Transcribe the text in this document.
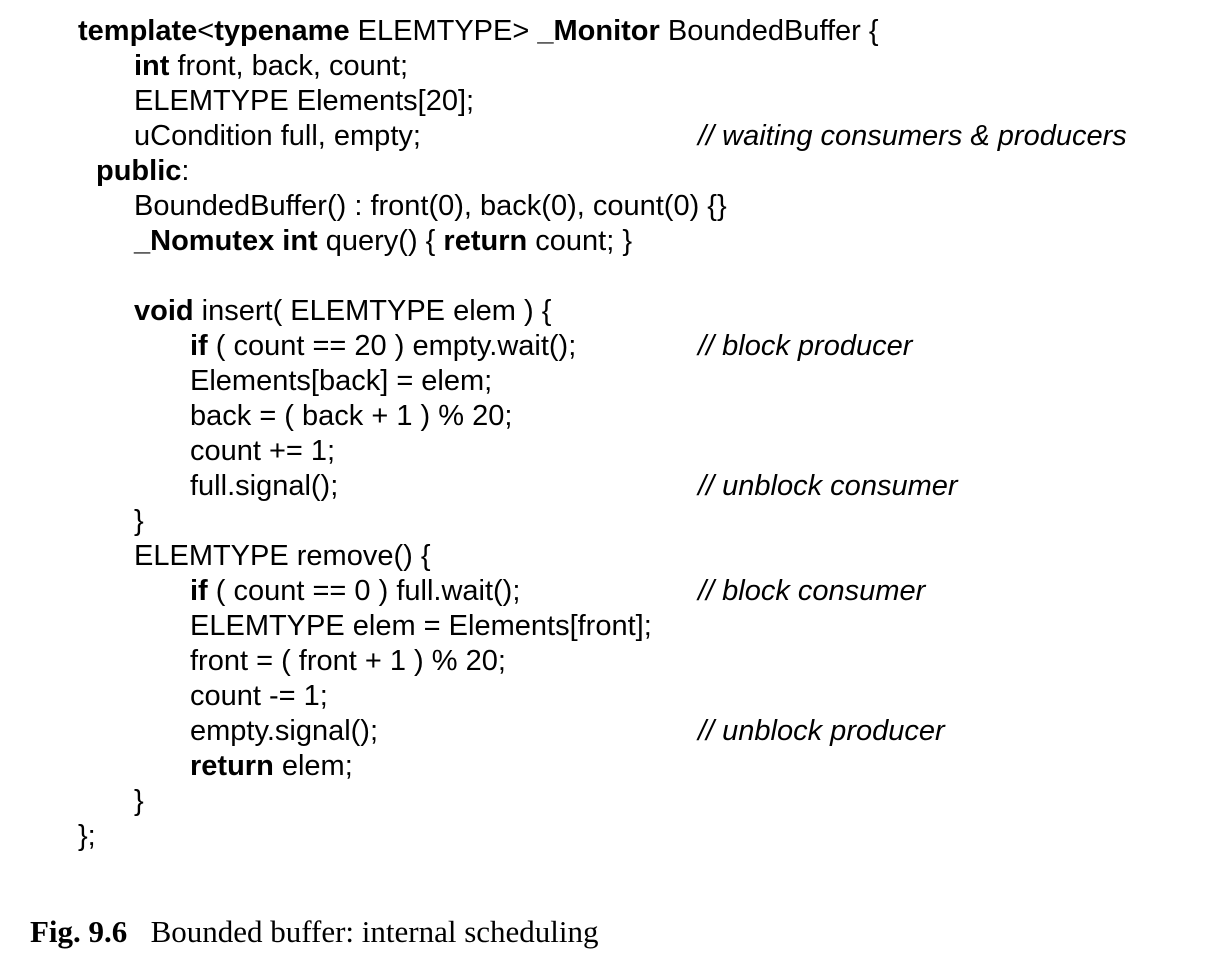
template<typename ELEMTYPE> _Monitor BoundedBuffer {
int front, back, count;
ELEMTYPE Elements[20];
uCondition full, empty;	// waiting consumers & producers
public:
BoundedBuffer() : front(0), back(0), count(0) {}
_Nomutex int query() { return count; }
void insert( ELEMTYPE elem ) {
if ( count == 20 ) empty.wait();	// block producer
Elements[back] = elem;
back = ( back + 1 ) % 20;
count += 1;
full.signal();	// unblock consumer
}
ELEMTYPE remove() {
if ( count == 0 ) full.wait();	// block consumer
ELEMTYPE elem = Elements[front];
front = ( front + 1 ) % 20;
count -= 1;
empty.signal();	// unblock producer
return elem;
}
};
Fig. 9.6 Bounded buffer: internal scheduling
